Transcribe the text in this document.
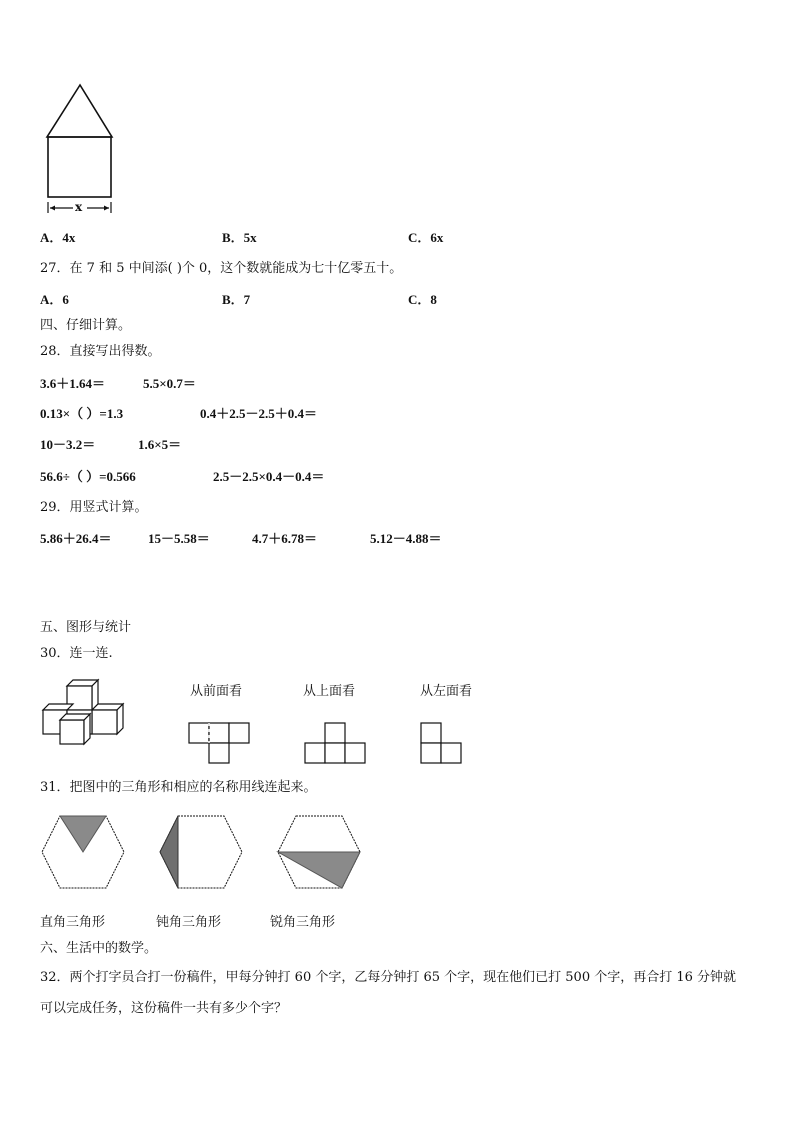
x
A．4x	B．5x	C．6x
27．在 7 和 5 中间添( )个 0，这个数就能成为七十亿零五十。
A．6	B．7	C．8
四、仔细计算。
28．直接写出得数。
3.6＋1.64＝	5.5×0.7＝
0.13×（ ）=1.3	0.4＋2.5－2.5＋0.4＝
10－3.2＝	1.6×5＝
56.6÷（ ）=0.566	2.5－2.5×0.4－0.4＝
29．用竖式计算。
5.86＋26.4＝	15－5.58＝	4.7＋6.78＝	5.12－4.88＝
五、图形与统计
30．连一连.
从前面看	从上面看	从左面看
31．把图中的三角形和相应的名称用线连起来。
直角三角形	钝角三角形	锐角三角形
六、生活中的数学。
32．两个打字员合打一份稿件，甲每分钟打 60 个字，乙每分钟打 65 个字，现在他们已打 500 个字，再合打 16 分钟就
可以完成任务，这份稿件一共有多少个字？
